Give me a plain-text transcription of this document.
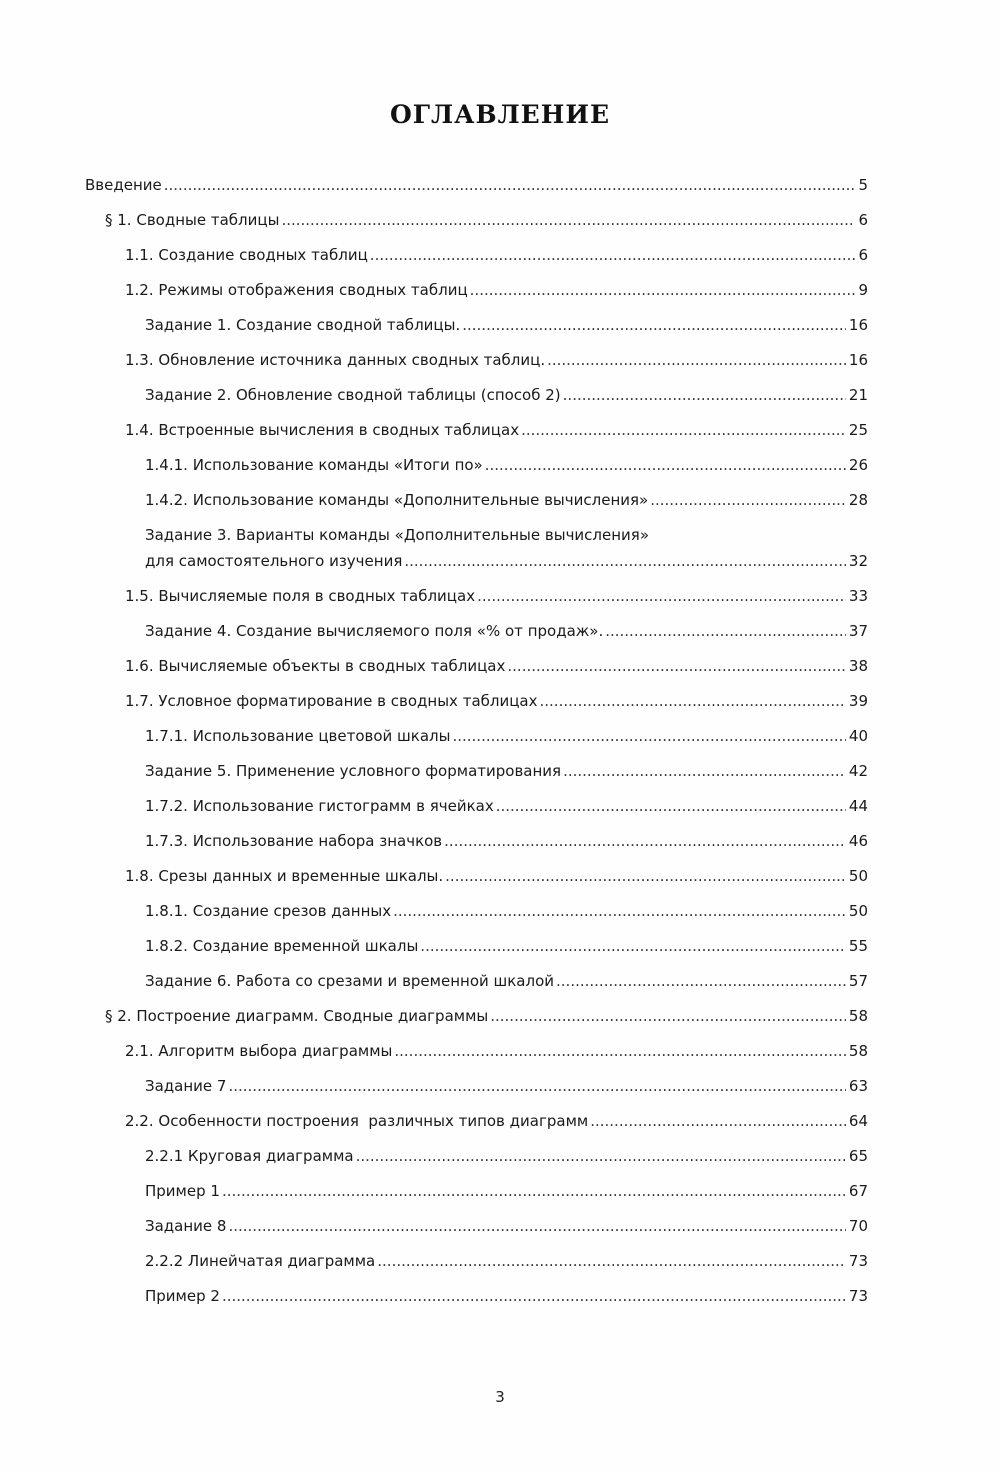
ОГЛАВЛЕНИЕ
Введение .....	5
§ 1. Сводные таблицы .....	6
1.1. Создание сводных таблиц .....	6
1.2. Режимы отображения сводных таблиц .....	9
Задание 1. Создание сводной таблицы. .....	16
1.3. Обновление источника данных сводных таблиц. .....	16
Задание 2. Обновление сводной таблицы (способ 2) .....	21
1.4. Встроенные вычисления в сводных таблицах .....	25
1.4.1. Использование команды «Итоги по» .....	26
1.4.2. Использование команды «Дополнительные вычисления» .....	28
Задание 3. Варианты команды «Дополнительные вычисления»
для самостоятельного изучения .....	32
1.5. Вычисляемые поля в сводных таблицах .....	33
Задание 4. Создание вычисляемого поля «% от продаж». .....	37
1.6. Вычисляемые объекты в сводных таблицах .....	38
1.7. Условное форматирование в сводных таблицах .....	39
1.7.1. Использование цветовой шкалы .....	40
Задание 5. Применение условного форматирования .....	42
1.7.2. Использование гистограмм в ячейках .....	44
1.7.3. Использование набора значков .....	46
1.8. Срезы данных и временные шкалы. .....	50
1.8.1. Создание срезов данных .....	50
1.8.2. Создание временной шкалы .....	55
Задание 6. Работа со срезами и временной шкалой .....	57
§ 2. Построение диаграмм. Сводные диаграммы .....	58
2.1. Алгоритм выбора диаграммы .....	58
Задание 7 .....	63
2.2. Особенности построения  различных типов диаграмм .....	64
2.2.1 Круговая диаграмма .....	65
Пример 1 .....	67
Задание 8 .....	70
2.2.2 Линейчатая диаграмма .....	73
Пример 2 .....	73
3
